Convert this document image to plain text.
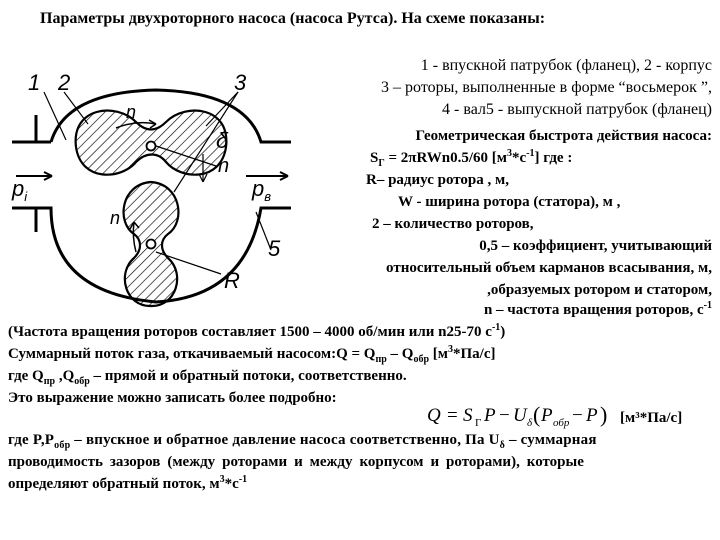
Параметры двухроторного насоса (насоса Рутса). На схеме показаны:
1 2	3
n
δ
n
$p_i$	$p_в$
n
5
R
1 - впускной патрубок (фланец), 2 - корпус
3 – роторы, выполненные в форме “восьмерок ”,
4 - вал5 - выпускной патрубок (фланец)
Геометрическая быстрота действия насоса:
$S_Г = 2\pi RWn0.5/60$ $[м^3*с^{-1}]$ где :
R– радиус ротора , м,
W - ширина ротора (статора), м ,
2 – количество роторов,
0,5 – коэффициент, учитывающий
относительный объем карманов всасывания, м,
,образуемых ротором и статором,
n – частота вращения роторов, $с^{-1}$
(Частота вращения роторов составляет 1500 – 4000 об/мин или n25-70 $с^{-1}$)
Суммарный поток газа, откачиваемый насосом:Q = $Q_{пр} - Q_{обр}$ $[м^3*Па/с]$
где $Q_{пр}$ $,Q_{обр}$ – прямой и обратный потоки, соответственно.
Это выражение можно записать более подробно:
Q = S Г P − U δ ( P обр − P ) [м³*Па/с]
где $P,P_{обр}$ – впускное и обратное давление насоса соответственно, Па $U_\delta$ – суммарная
проводимость зазоров (между роторами и между корпусом и роторами), которые
определяют обратный поток, $м^3*с^{-1}$
